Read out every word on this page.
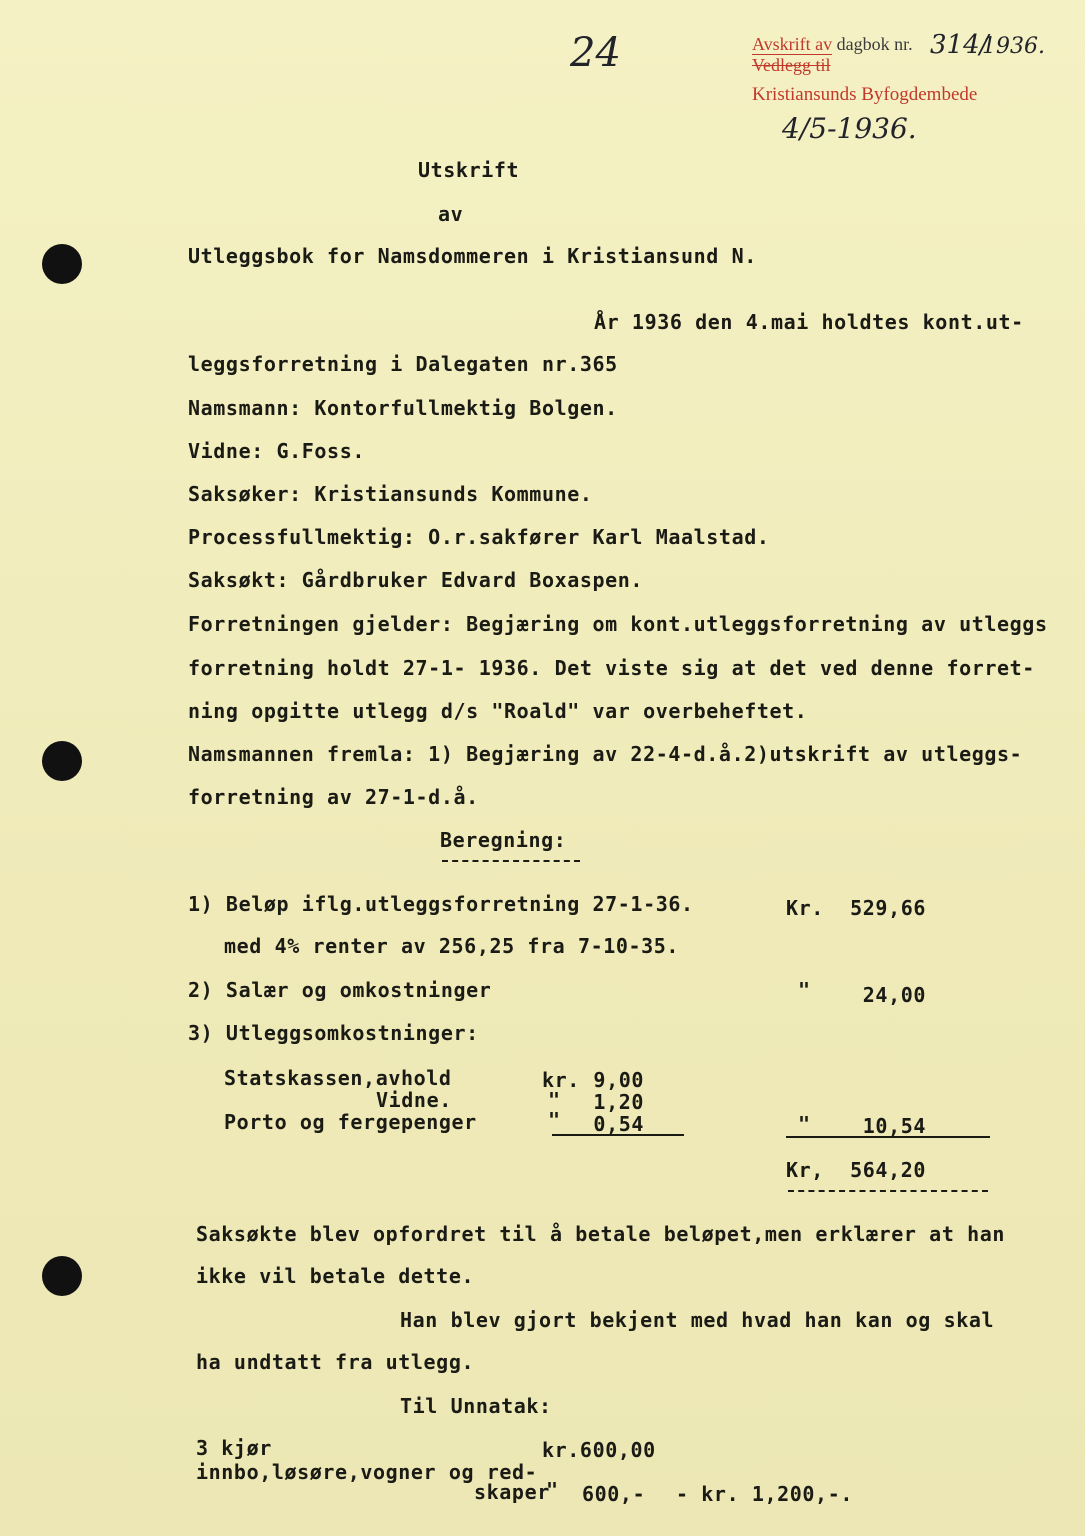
Avskrift av dagbok nr. 314/
1936.
Vedlegg til
Kristiansunds Byfogdembede
4/5-1936.
24
Utskrift
av
Utleggsbok for Namsdommeren i Kristiansund N.
År 1936 den 4.mai holdtes kont.ut-
leggsforretning i Dalegaten nr.365
Namsmann: Kontorfullmektig Bolgen.
Vidne: G.Foss.
Saksøker: Kristiansunds Kommune.
Processfullmektig: O.r.sakfører Karl Maalstad.
Saksøkt: Gårdbruker Edvard Boxaspen.
Forretningen gjelder: Begjæring om kont.utleggsforretning av utleggs
forretning holdt 27-1- 1936. Det viste sig at det ved denne forret-
ning opgitte utlegg d/s "Roald" var overbeheftet.
Namsmannen fremla: 1) Begjæring av 22-4-d.å.2)utskrift av utleggs-
forretning av 27-1-d.å.
Beregning:
1) Beløp iflg.utleggsforretning 27-1-36.	Kr.	529,66
med 4% renter av 256,25 fra 7-10-35.
2) Salær og omkostninger	"	24,00
3) Utleggsomkostninger:
Statskassen,avhold	kr. 9,00
Vidne.	"	1,20
Porto og fergepenger	"	0,54	"	10,54
Kr,	564,20
Saksøkte blev opfordret til å betale beløpet,men erklærer at han
ikke vil betale dette.
Han blev gjort bekjent med hvad han kan og skal
ha undtatt fra utlegg.
Til Unnatak:
3 kjør	kr.600,00
innbo,løsøre,vogner og red-
skaper
" 600,- - kr. 1,200,-.
